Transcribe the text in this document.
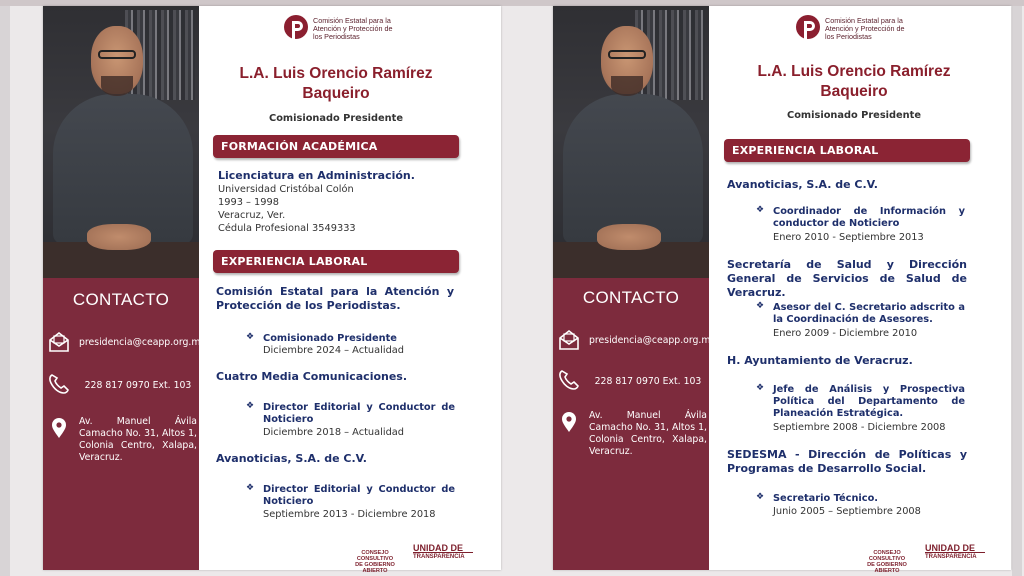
CONTACTO
presidencia@ceapp.org.mx
228 817 0970 Ext. 103
Av. Manuel Ávila Camacho No. 31, Altos 1, Colonia Centro, Xalapa, Veracruz.
Comisión Estatal para la
Atención y Protección de
los Periodistas
L.A. Luis Orencio Ramírez
Baqueiro
Comisionado Presidente
FORMACIÓN ACADÉMICA
Licenciatura en Administración.
Universidad Cristóbal Colón
1993 – 1998
Veracruz, Ver.
Cédula Profesional 3549333
EXPERIENCIA LABORAL
Comisión Estatal para la Atención y Protección de los Periodistas.
❖ Comisionado Presidente
Diciembre 2024 – Actualidad
Cuatro Media Comunicaciones.
❖ Director Editorial y Conductor de Noticiero
Diciembre 2018 – Actualidad
Avanoticias, S.A. de C.V.
❖ Director Editorial y Conductor de Noticiero
Septiembre 2013 - Diciembre 2018
CONSEJO CONSULTIVO
DE GOBIERNO ABIERTO
UNIDAD DE
TRANSPARENCIA
CONTACTO
presidencia@ceapp.org.mx
228 817 0970 Ext. 103
Av. Manuel Ávila Camacho No. 31, Altos 1, Colonia Centro, Xalapa, Veracruz.
Comisión Estatal para la
Atención y Protección de
los Periodistas
L.A. Luis Orencio Ramírez
Baqueiro
Comisionado Presidente
EXPERIENCIA LABORAL
Avanoticias, S.A. de C.V.
❖ Coordinador de Información y conductor de Noticiero
Enero 2010 - Septiembre 2013
Secretaría de Salud y Dirección General de Servicios de Salud de Veracruz.
❖ Asesor del C. Secretario adscrito a la Coordinación de Asesores.
Enero 2009 - Diciembre 2010
H. Ayuntamiento de Veracruz.
❖ Jefe de Análisis y Prospectiva Política del Departamento de Planeación Estratégica.
Septiembre 2008 - Diciembre 2008
SEDESMA - Dirección de Políticas y Programas de Desarrollo Social.
❖ Secretario Técnico.
Junio 2005 – Septiembre 2008
CONSEJO CONSULTIVO
DE GOBIERNO ABIERTO
UNIDAD DE
TRANSPARENCIA
